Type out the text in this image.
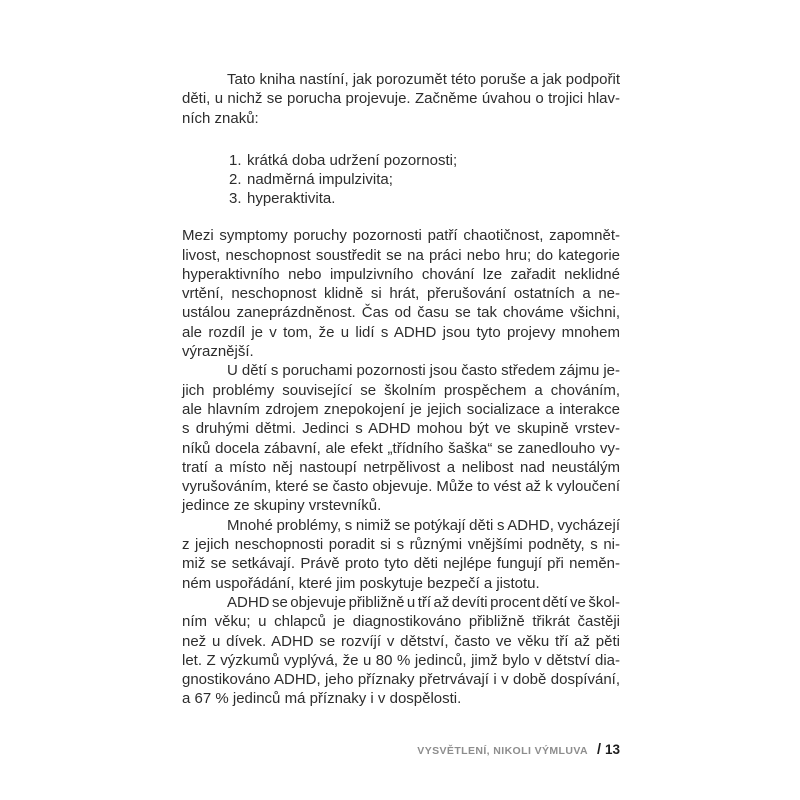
Tato kniha nastíní, jak porozumět této poruše a jak podpořit
děti, u nichž se porucha projevuje. Začněme úvahou o trojici hlav-
ních znaků:
1. krátká doba udržení pozornosti;
2. nadměrná impulzivita;
3. hyperaktivita.
Mezi symptomy poruchy pozornosti patří chaotičnost, zapomnět-
livost, neschopnost soustředit se na práci nebo hru; do kategorie
hyperaktivního nebo impulzivního chování lze zařadit neklidné
vrtění, neschopnost klidně si hrát, přerušování ostatních a ne-
ustálou zaneprázdněnost. Čas od času se tak chováme všichni,
ale rozdíl je v tom, že u lidí s ADHD jsou tyto projevy mnohem
výraznější.
U dětí s poruchami pozornosti jsou často středem zájmu je-
jich problémy související se školním prospěchem a chováním,
ale hlavním zdrojem znepokojení je jejich socializace a interakce
s druhými dětmi. Jedinci s ADHD mohou být ve skupině vrstev-
níků docela zábavní, ale efekt „třídního šaška“ se zanedlouho vy-
tratí a místo něj nastoupí netrpělivost a nelibost nad neustálým
vyrušováním, které se často objevuje. Může to vést až k vyloučení
jedince ze skupiny vrstevníků.
Mnohé problémy, s nimiž se potýkají děti s ADHD, vycházejí
z jejich neschopnosti poradit si s různými vnějšími podněty, s ni-
miž se setkávají. Právě proto tyto děti nejlépe fungují při neměn-
ném uspořádání, které jim poskytuje bezpečí a jistotu.
ADHD se objevuje přibližně u tří až devíti procent dětí ve škol-
ním věku; u chlapců je diagnostikováno přibližně třikrát častěji
než u dívek. ADHD se rozvíjí v dětství, často ve věku tří až pěti
let. Z výzkumů vyplývá, že u 80 % jedinců, jimž bylo v dětství dia-
gnostikováno ADHD, jeho příznaky přetrvávají i v době dospívání,
a 67 % jedinců má příznaky i v dospělosti.
VYSVĚTLENÍ, NIKOLI VÝMLUVA / 13
